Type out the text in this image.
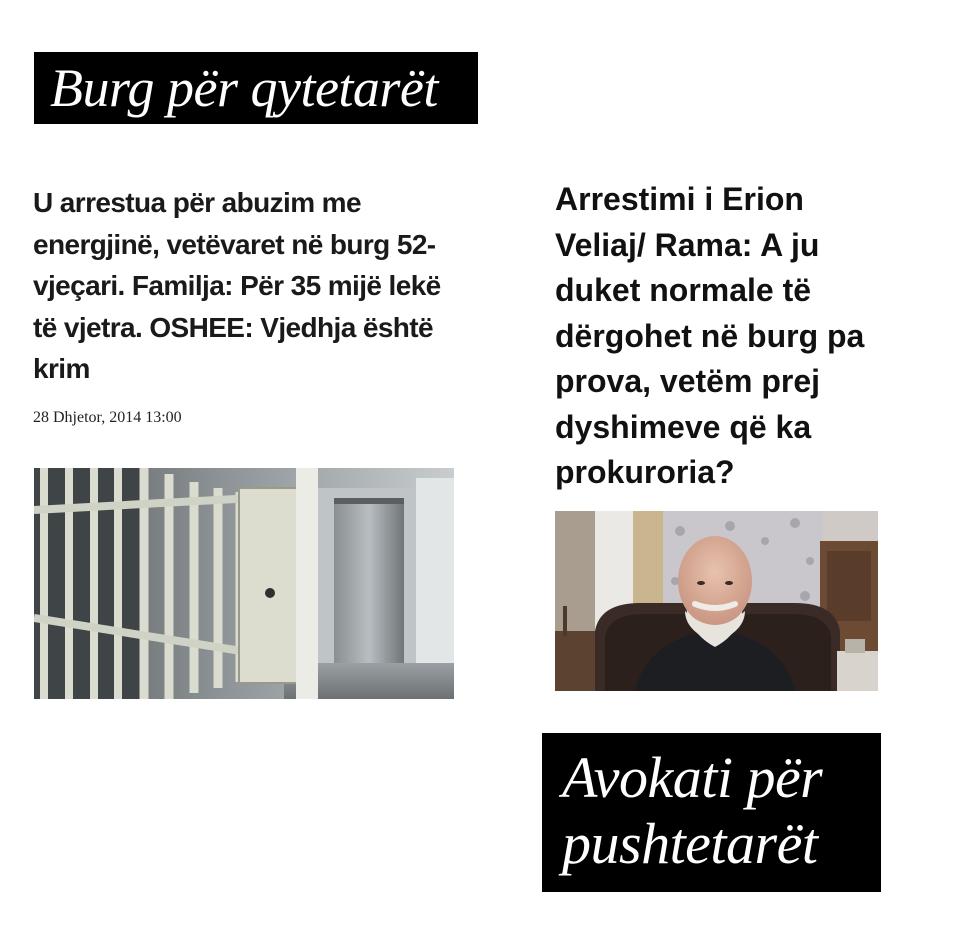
Burg për qytetarët
U arrestua për abuzim me energjinë, vetëvaret në burg 52-vjeçari. Familja: Për 35 mijë lekë të vjetra. OSHEE: Vjedhja është krim
28 Dhjetor, 2014 13:00
Arrestimi i Erion Veliaj/ Rama: A ju duket normale të dërgohet në burg pa prova, vetëm prej dyshimeve që ka prokuroria?
Avokati për pushtetarët
